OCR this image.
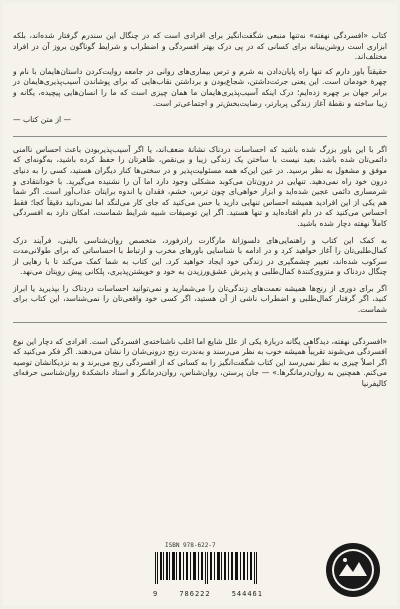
کتاب «افسردگی نهفته» نه‌تنها منبعی شگفت‌انگیز برای افرادی است که در چنگال این سندرم گرفتار شده‌اند، بلکه ابزاری است روشن‌بینانه برای کسانی که در پی درک بهتر افسردگی و اضطراب و شرایط گوناگون بروز آن در افراد مختلف‌اند.

حقیقتاً باور دارم که تنها راه پایان‌دادن به شرم و ترس بیماری‌های روانی در جامعه روایت‌کردن داستان‌هایمان با نام و چهرهٔ خودمان است. این یعنی جرئت‌داشتن، شجاع‌بودن و برداشتن نقاب‌هایی که برای پوشاندن آسیب‌پذیری‌هایمان در برابر جهان بر چهره زده‌ایم؛ درک اینکه آسیب‌پذیری‌هایمان ما همان چیزی است که ما را انسان‌هایی پیچیده، یگانه و زیبا ساخته و نقطهٔ آغاز زندگی پربارتر، رضایت‌بخش‌تر و اجتماعی‌تر است.

— از متن کتاب —

اگر با این باور بزرگ شده باشید که احساسات دردناک نشانهٔ ضعف‌اند، یا اگر آسیب‌پذیربودن باعث احساس ناامنی دائمی‌تان شده باشد، بعید نیست با ساختن یک زندگی زیبا و بی‌نقص، ظاهرتان را حفظ کرده باشید، به‌گونه‌ای که موفق و مشغول به نظر برسید. در عین این‌که همه مسئولیت‌پذیر و در سختی‌ها کنار دیگران هستید، کسی را به دنیای درون خود راه نمی‌دهید. تنهایی در درون‌تان می‌کوبد مشکلی وجود دارد اما آن را نشنیده می‌گیرید. با خودانتقادی و شرمساری دائمی عجین شده‌اید و ابزار خواهی‌ای چون ترس، خشم، فقدان یا اندوه برایتان عذاب‌آور است. اگر شما هم یکی از این افرادید همیشه احساس تنهایی دارید یا حس می‌کنید که جای کار می‌لنگد اما نمی‌دانید دقیقاً کجا؛ فقط احساس می‌کنید که در دام افتاده‌اید و تنها هستید. اگر این توصیفات شبیه شرایط شماست، امکان دارد به افسردگی کاملاً نهفته دچار شده باشید.

به کمک این کتاب و راهنمایی‌های دلسوزانهٔ مارگارت رادرفورد، متخصص روان‌شناسی بالینی، فرآیند درک کمال‌طلبی‌تان را آغاز خواهید کرد و در ادامه با شناسایی باورهای مخرب و ارتباط با احساساتی که برای طولانی‌مدت سرکوب شده‌اند، تغییر چشمگیری در زندگی خود ایجاد خواهید کرد. این کتاب به شما کمک می‌کند تا با رهایی از چنگال دردناک و منزوی‌کنندهٔ کمال‌طلبی و پذیرش عشق‌ورزیدن به خود و خویشتن‌پذیری، پلکانی پیش رویتان می‌نهد.

اگر برای دوری از رنج‌ها همیشه نعمت‌های زندگی‌تان را می‌شمارید و نمی‌توانید احساسات دردناک را بپذیرید یا ابراز کنید، اگر گرفتار کمال‌طلبی و اضطراب ناشی از آن هستید، اگر کسی خود واقعی‌تان را نمی‌شناسد، این کتاب برای شماست.

«افسردگی نهفته، دیدگاهی یگانه دربارهٔ یکی از علل شایع اما اغلب ناشناخته‌ی افسردگی است. افرادی که دچار این نوع افسردگی می‌شوند تقریباً همیشه خوب به نظر می‌رسند و به‌ندرت رنج درونی‌شان را نشان می‌دهند. اگر فکر می‌کنید که اگر اصلاً چیزی به نظر نمی‌رسد این کتاب شگفت‌انگیز را به کسانی که از افسردگی رنج می‌برند و به نزدیکانشان توصیه می‌کنم. همچنین به روان‌درمانگرها.» — جان پرستن، روان‌شناس، روان‌درمانگر و استاد دانشکدهٔ روان‌شناسی حرفه‌ای کالیفرنیا

ISBN 978-622-7
9	786222	544461
